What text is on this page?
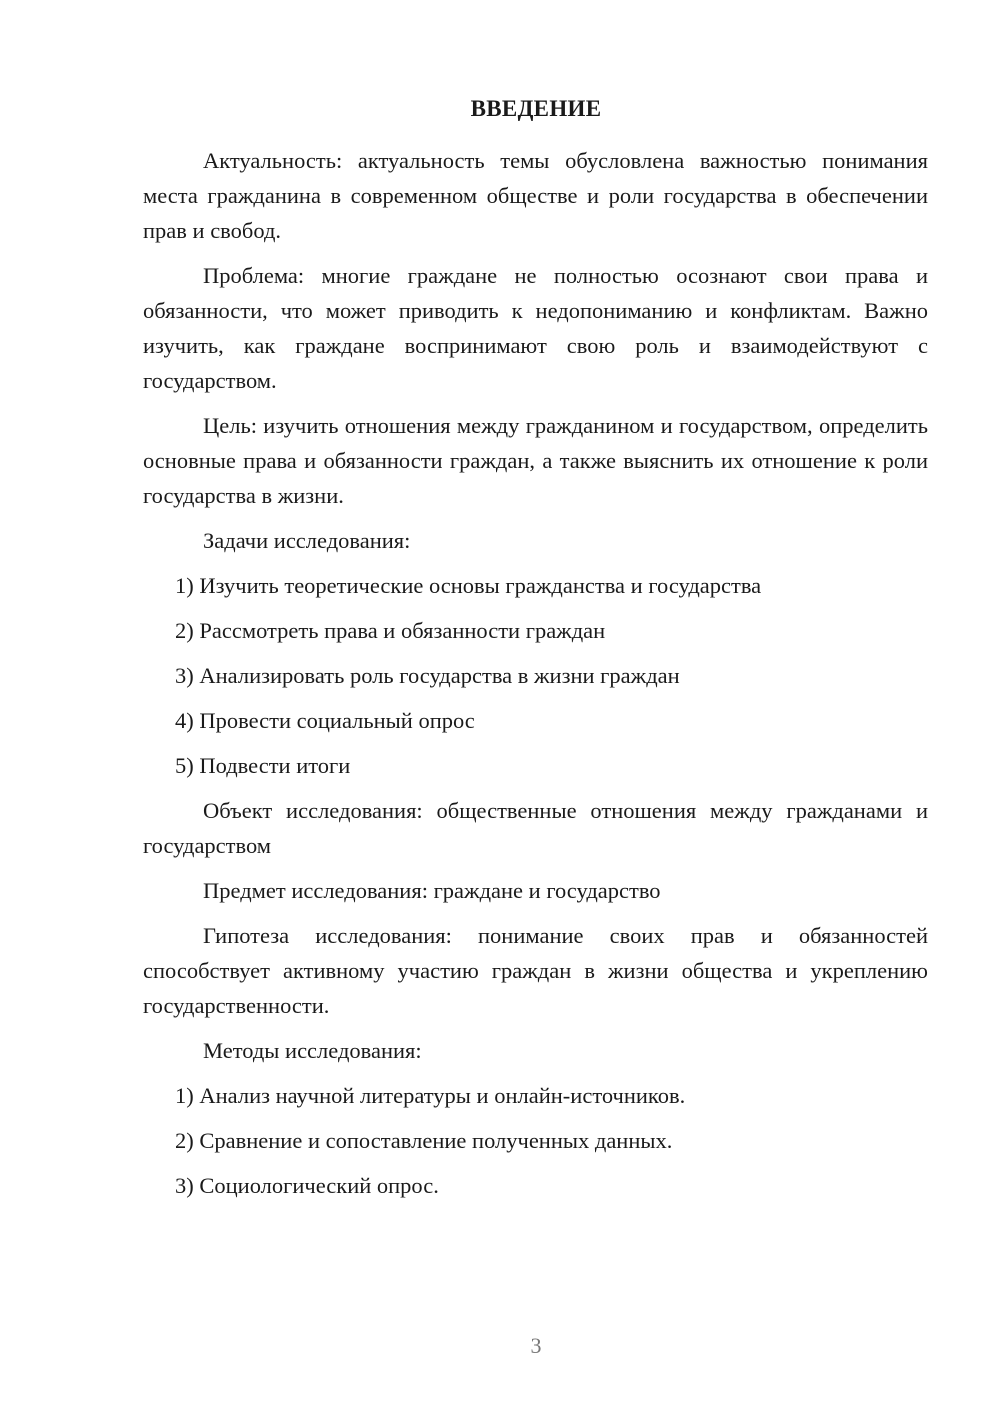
ВВЕДЕНИЕ

Актуальность: актуальность темы обусловлена важностью понимания места гражданина в современном обществе и роли государства в обеспечении прав и свобод.

Проблема: многие граждане не полностью осознают свои права и обязанности, что может приводить к недопониманию и конфликтам. Важно изучить, как граждане воспринимают свою роль и взаимодействуют с государством.

Цель: изучить отношения между гражданином и государством, определить основные права и обязанности граждан, а также выяснить их отношение к роли государства в жизни.

Задачи исследования:

1) Изучить теоретические основы гражданства и государства

2) Рассмотреть права и обязанности граждан

3) Анализировать роль государства в жизни граждан

4) Провести социальный опрос

5) Подвести итоги

Объект исследования: общественные отношения между гражданами и государством

Предмет исследования: граждане и государство

Гипотеза исследования: понимание своих прав и обязанностей способствует активному участию граждан в жизни общества и укреплению государственности.

Методы исследования:

1) Анализ научной литературы и онлайн-источников.

2) Сравнение и сопоставление полученных данных.

3) Социологический опрос.

3
